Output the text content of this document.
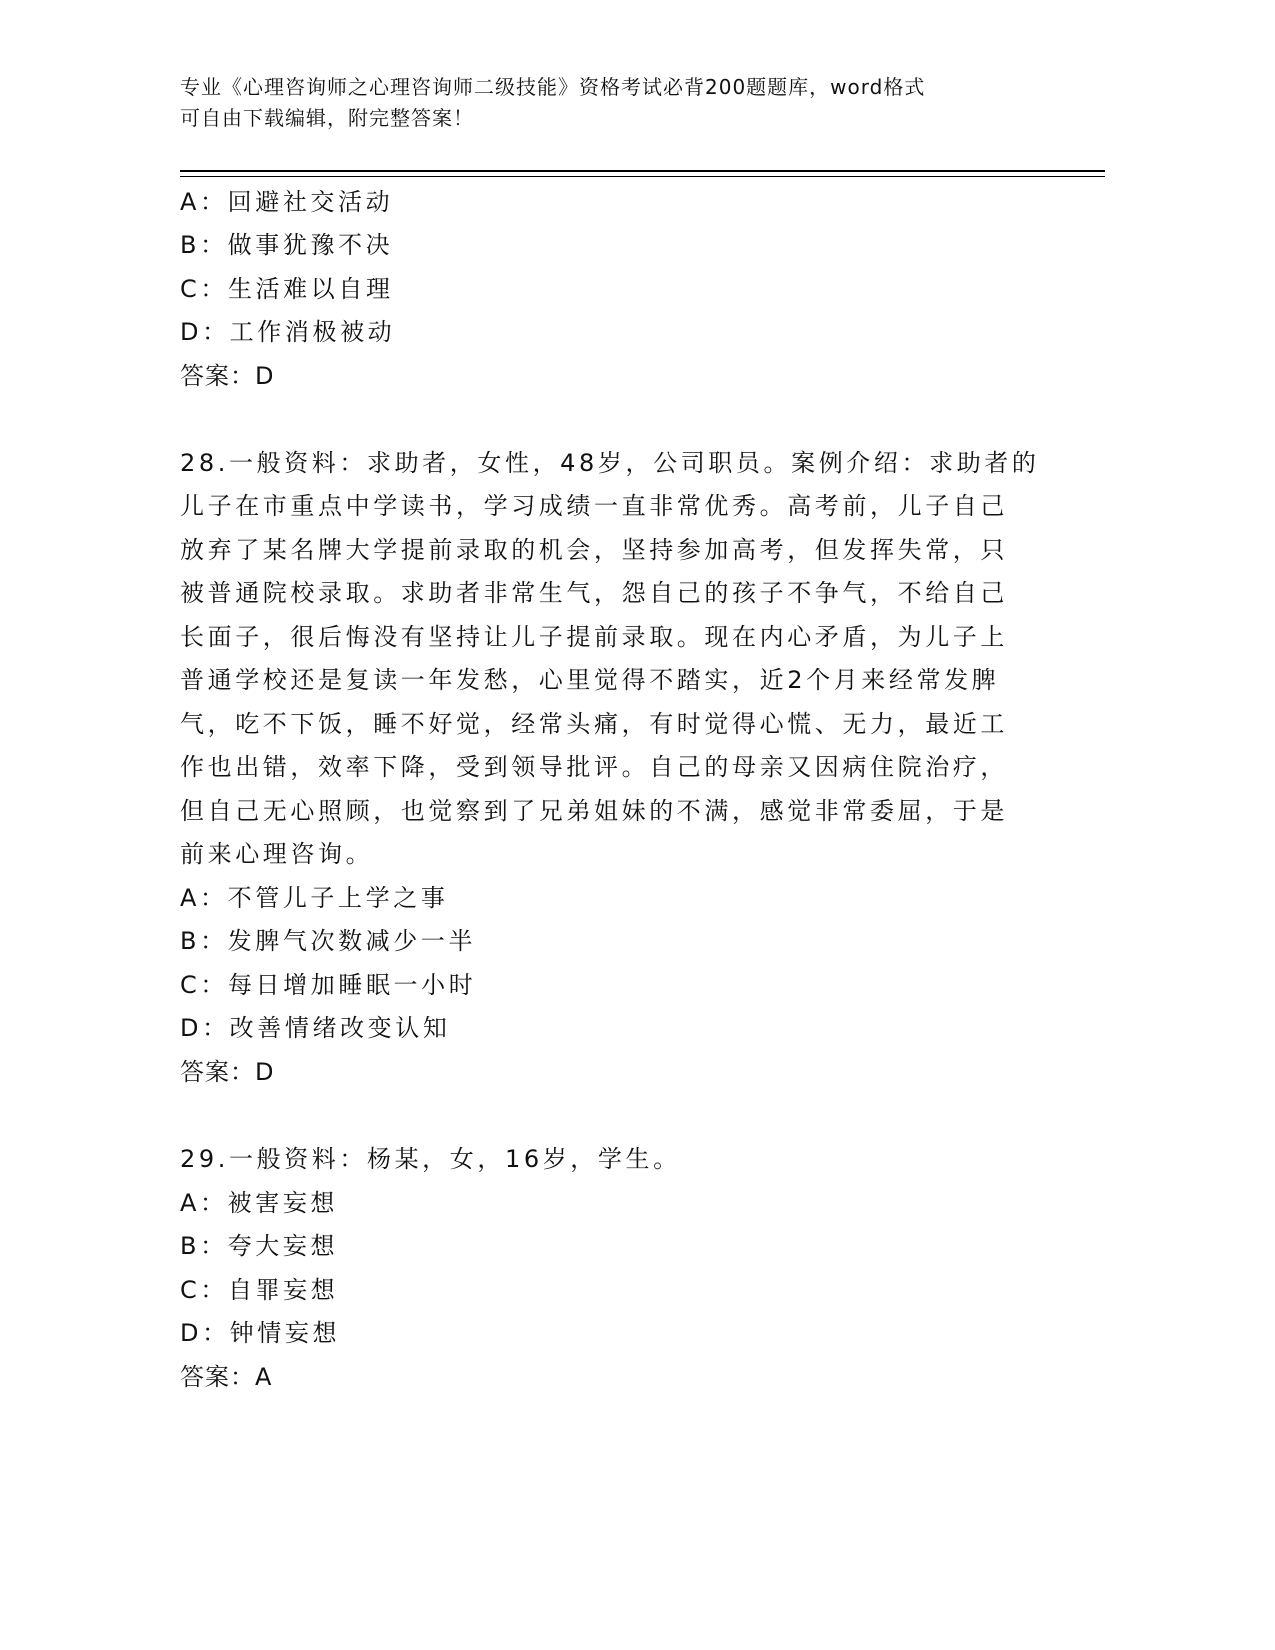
专业《心理咨询师之心理咨询师二级技能》资格考试必背200题题库，word格式
可自由下载编辑，附完整答案！
A：回避社交活动
B：做事犹豫不决
C：生活难以自理
D：工作消极被动
答案：D
28.一般资料：求助者，女性，48岁，公司职员。案例介绍：求助者的
儿子在市重点中学读书，学习成绩一直非常优秀。高考前，儿子自己
放弃了某名牌大学提前录取的机会，坚持参加高考，但发挥失常，只
被普通院校录取。求助者非常生气，怨自己的孩子不争气，不给自己
长面子，很后悔没有坚持让儿子提前录取。现在内心矛盾，为儿子上
普通学校还是复读一年发愁，心里觉得不踏实，近2个月来经常发脾
气，吃不下饭，睡不好觉，经常头痛，有时觉得心慌、无力，最近工
作也出错，效率下降，受到领导批评。自己的母亲又因病住院治疗，
但自己无心照顾，也觉察到了兄弟姐妹的不满，感觉非常委屈，于是
前来心理咨询。
A：不管儿子上学之事
B：发脾气次数减少一半
C：每日增加睡眠一小时
D：改善情绪改变认知
答案：D
29.一般资料：杨某，女，16岁，学生。
A：被害妄想
B：夸大妄想
C：自罪妄想
D：钟情妄想
答案：A
